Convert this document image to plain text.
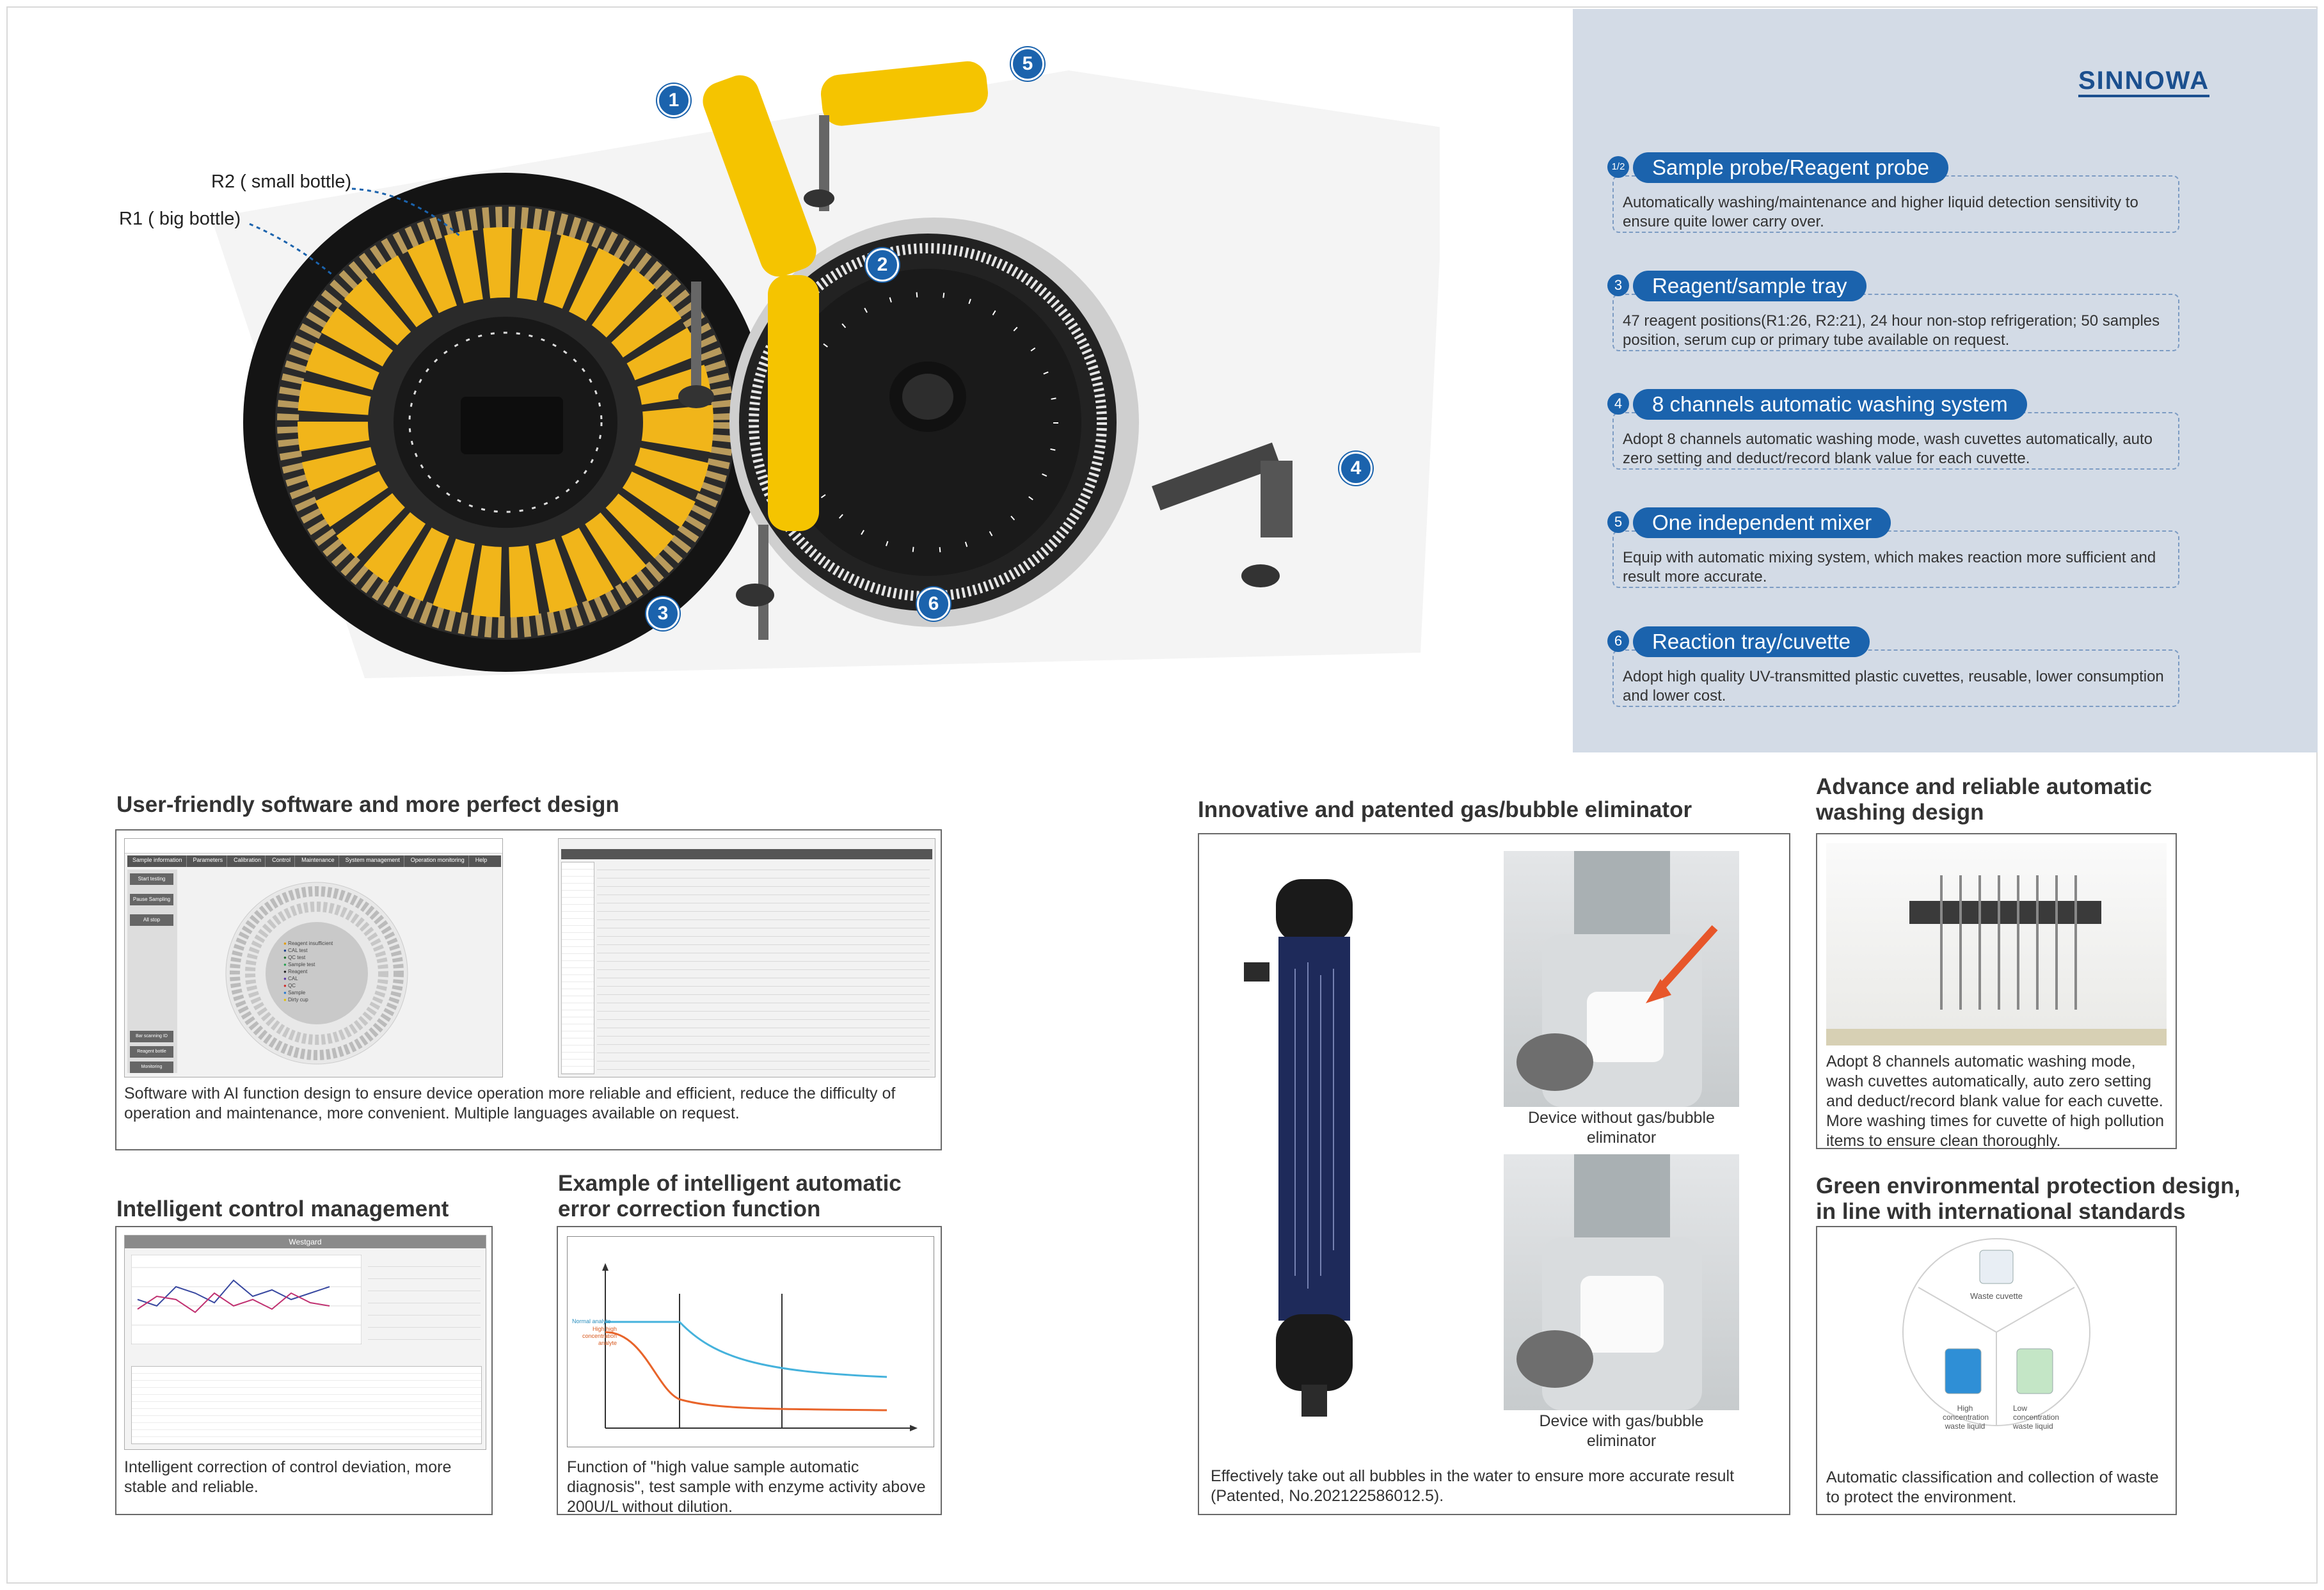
R2 ( small bottle)
R1 ( big bottle)
1
2
3
4
5
6
SINNOWA
Automatically washing/maintenance and higher liquid detection sensitivity to ensure quite lower carry over.
1/2	Sample probe/Reagent probe
47 reagent positions(R1:26, R2:21), 24 hour non-stop refrigeration; 50 samples position, serum cup or primary tube available on request.
3	Reagent/sample tray
Adopt 8 channels automatic washing mode, wash cuvettes automatically, auto zero setting and deduct/record blank value for each cuvette.
4	8 channels automatic washing system
Equip with automatic mixing system, which makes reaction more sufficient and result more accurate.
5	One independent mixer
Adopt high quality UV-transmitted plastic cuvettes, reusable, lower consumption and lower cost.
6	Reaction tray/cuvette
User-friendly software and more perfect design
Sample information	Parameters	Calibration	Control	Maintenance	System management	Operation monitoring	Help
Start testing
Pause Sampling
All stop
Bar scanning ID
Reagent bottle
Monitoring
● Reagent insufficient
● CAL test
● QC test
● Sample test
● Reagent
● CAL
● QC
● Sample
● Dirty cup
Software with AI function design to ensure device operation more reliable and efficient, reduce the difficulty of operation and maintenance, more convenient. Multiple languages available on request.
Intelligent control management
Westgard
Intelligent correction of control deviation, more stable and reliable.
Example of intelligent automatic
error correction function
Normal analyte
High high concentration analyte
Function of "high value sample automatic diagnosis", test sample with enzyme activity above 200U/L without dilution.
Innovative and patented gas/bubble eliminator
Device without gas/bubble eliminator
Device with gas/bubble eliminator
Effectively take out all bubbles in the water to ensure more accurate result (Patented, No.202122586012.5).
Advance and reliable automatic
washing design
Adopt 8 channels automatic washing mode, wash cuvettes automatically, auto zero setting and deduct/record blank value for each cuvette. More washing times for cuvette of high pollution items to ensure clean thoroughly.
Green environmental protection design,
in line with international standards
Waste cuvette
High concentration waste liquid
Low concentration waste liquid
Automatic classification and collection of waste to protect the environment.
